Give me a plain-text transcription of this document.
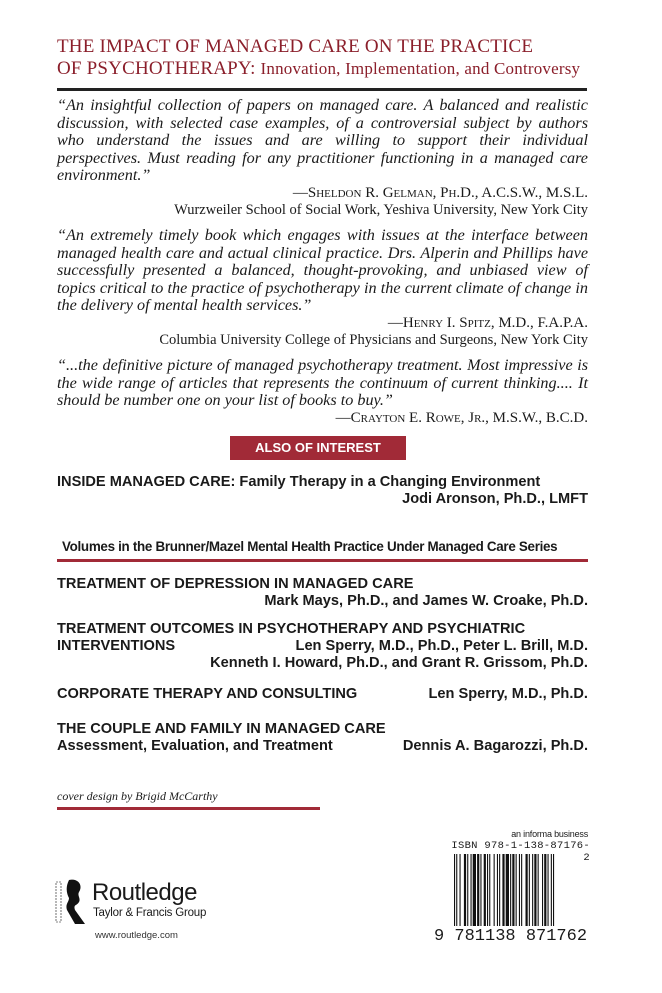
THE IMPACT OF MANAGED CARE ON THE PRACTICE
OF PSYCHOTHERAPY: Innovation, Implementation, and Controversy
“An insightful collection of papers on managed care. A balanced and realistic discussion, with selected case examples, of a controversial subject by authors who understand the issues and are willing to support their individual perspectives. Must reading for any practitioner functioning in a managed care environment.”
—Sheldon R. Gelman, Ph.D., A.C.S.W., M.S.L.
Wurzweiler School of Social Work, Yeshiva University, New York City
“An extremely timely book which engages with issues at the interface between managed health care and actual clinical practice. Drs. Alperin and Phillips have successfully presented a balanced, thought-provoking, and unbiased view of topics critical to the practice of psychotherapy in the current climate of change in the delivery of mental health services.”
—Henry I. Spitz, M.D., F.A.P.A.
Columbia University College of Physicians and Surgeons, New York City
“...the definitive picture of managed psychotherapy treatment. Most impressive is the wide range of articles that represents the continuum of current thinking.... It should be number one on your list of books to buy.”
—Crayton E. Rowe, Jr., M.S.W., B.C.D.
ALSO OF INTEREST
INSIDE MANAGED CARE: Family Therapy in a Changing Environment
Jodi Aronson, Ph.D., LMFT
Volumes in the Brunner/Mazel Mental Health Practice Under Managed Care Series
TREATMENT OF DEPRESSION IN MANAGED CARE
Mark Mays, Ph.D., and James W. Croake, Ph.D.
TREATMENT OUTCOMES IN PSYCHOTHERAPY AND PSYCHIATRIC
INTERVENTIONS	Len Sperry, M.D., Ph.D., Peter L. Brill, M.D.
Kenneth I. Howard, Ph.D., and Grant R. Grissom, Ph.D.
CORPORATE THERAPY AND CONSULTING	Len Sperry, M.D., Ph.D.
THE COUPLE AND FAMILY IN MANAGED CARE
Assessment, Evaluation, and Treatment	Dennis A. Bagarozzi, Ph.D.
cover design by Brigid McCarthy
Routledge
Taylor & Francis Group
www.routledge.com
an informa business
ISBN 978-1-138-87176-2
9 781138 871762
